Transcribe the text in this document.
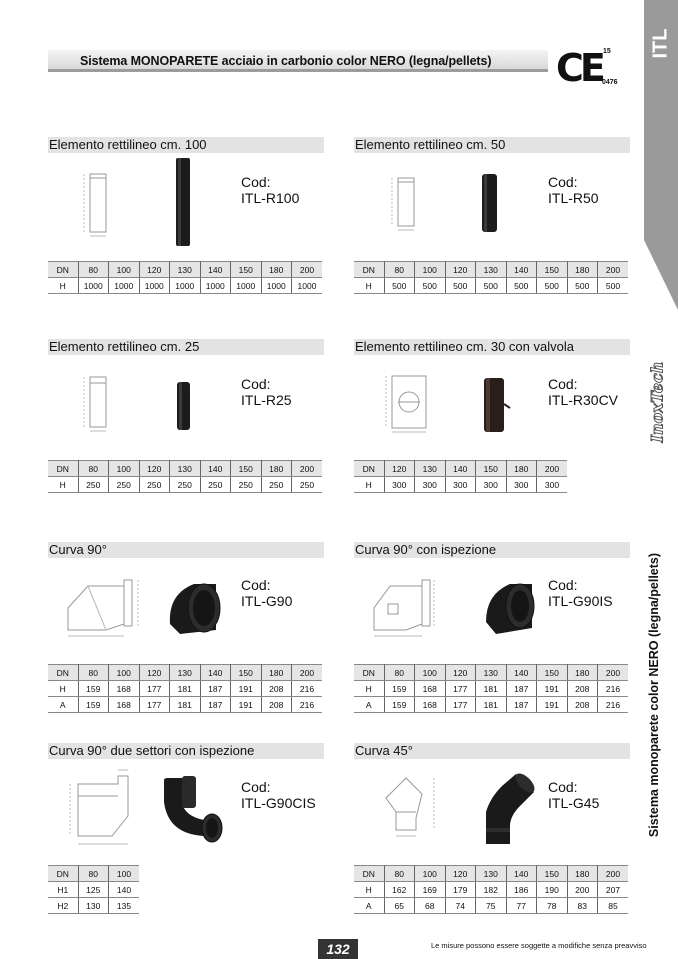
Sistema MONOPARETE acciaio in carbonio color NERO (legna/pellets) CE 15
0476
ITL
InoxTech
Sistema monoparete color NERO (legna/pellets)
Elemento rettilineo cm. 100
Cod:
ITL-R100
DN	80	100	120	130	140	150	180	200
H	1000	1000	1000	1000	1000	1000	1000	1000
Elemento rettilineo cm. 50
Cod:
ITL-R50
DN	80	100	120	130	140	150	180	200
H	500	500	500	500	500	500	500	500
Elemento rettilineo cm. 25
Cod:
ITL-R25
DN	80	100	120	130	140	150	180	200
H	250	250	250	250	250	250	250	250
Elemento rettilineo cm. 30 con valvola
Cod:
ITL-R30CV
DN	120	130	140	150	180	200
H	300	300	300	300	300	300
Curva 90°
Cod:
ITL-G90
DN	80	100	120	130	140	150	180	200
H	159	168	177	181	187	191	208	216
A	159	168	177	181	187	191	208	216
Curva 90° con ispezione
Cod:
ITL-G90IS
DN	80	100	120	130	140	150	180	200
H	159	168	177	181	187	191	208	216
A	159	168	177	181	187	191	208	216
Curva 90° due settori con ispezione
Cod:
ITL-G90CIS
DN	80	100
H1	125	140
H2	130	135
Curva 45°
Cod:
ITL-G45
DN	80	100	120	130	140	150	180	200
H	162	169	179	182	186	190	200	207
A	65	68	74	75	77	78	83	85
132	Le misure possono essere soggette a modifiche senza preavviso
